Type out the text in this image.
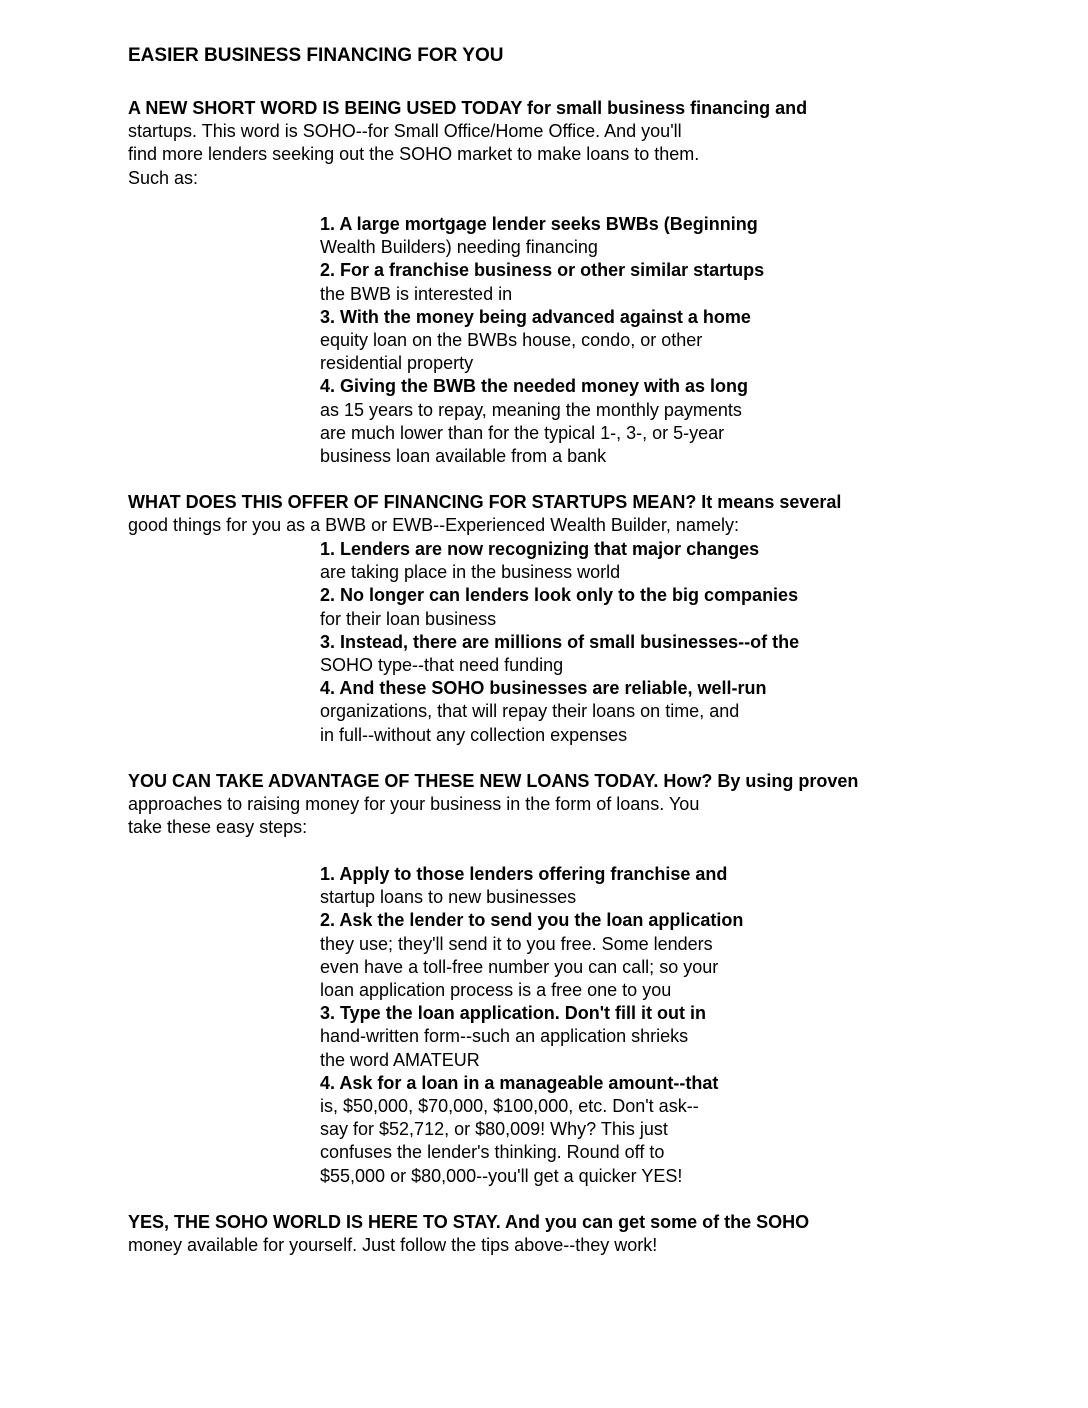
EASIER BUSINESS FINANCING FOR YOU
A NEW SHORT WORD IS BEING USED TODAY for small business financing and
startups. This word is SOHO--for Small Office/Home Office. And you'll
find more lenders seeking out the SOHO market to make loans to them.
Such as:
1. A large mortgage lender seeks BWBs (Beginning
Wealth Builders) needing financing
2. For a franchise business or other similar startups
the BWB is interested in
3. With the money being advanced against a home
equity loan on the BWBs house, condo, or other
residential property
4. Giving the BWB the needed money with as long
as 15 years to repay, meaning the monthly payments
are much lower than for the typical 1-, 3-, or 5-year
business loan available from a bank
WHAT DOES THIS OFFER OF FINANCING FOR STARTUPS MEAN? It means several
good things for you as a BWB or EWB--Experienced Wealth Builder, namely:
1. Lenders are now recognizing that major changes
are taking place in the business world
2. No longer can lenders look only to the big companies
for their loan business
3. Instead, there are millions of small businesses--of the
SOHO type--that need funding
4. And these SOHO businesses are reliable, well-run
organizations, that will repay their loans on time, and
in full--without any collection expenses
YOU CAN TAKE ADVANTAGE OF THESE NEW LOANS TODAY. How? By using proven
approaches to raising money for your business in the form of loans. You
take these easy steps:
1. Apply to those lenders offering franchise and
startup loans to new businesses
2. Ask the lender to send you the loan application
they use; they'll send it to you free. Some lenders
even have a toll-free number you can call; so your
loan application process is a free one to you
3. Type the loan application. Don't fill it out in
hand-written form--such an application shrieks
the word AMATEUR
4. Ask for a loan in a manageable amount--that
is, $50,000, $70,000, $100,000, etc. Don't ask--
say for $52,712, or $80,009! Why? This just
confuses the lender's thinking. Round off to
$55,000 or $80,000--you'll get a quicker YES!
YES, THE SOHO WORLD IS HERE TO STAY. And you can get some of the SOHO
money available for yourself. Just follow the tips above--they work!
